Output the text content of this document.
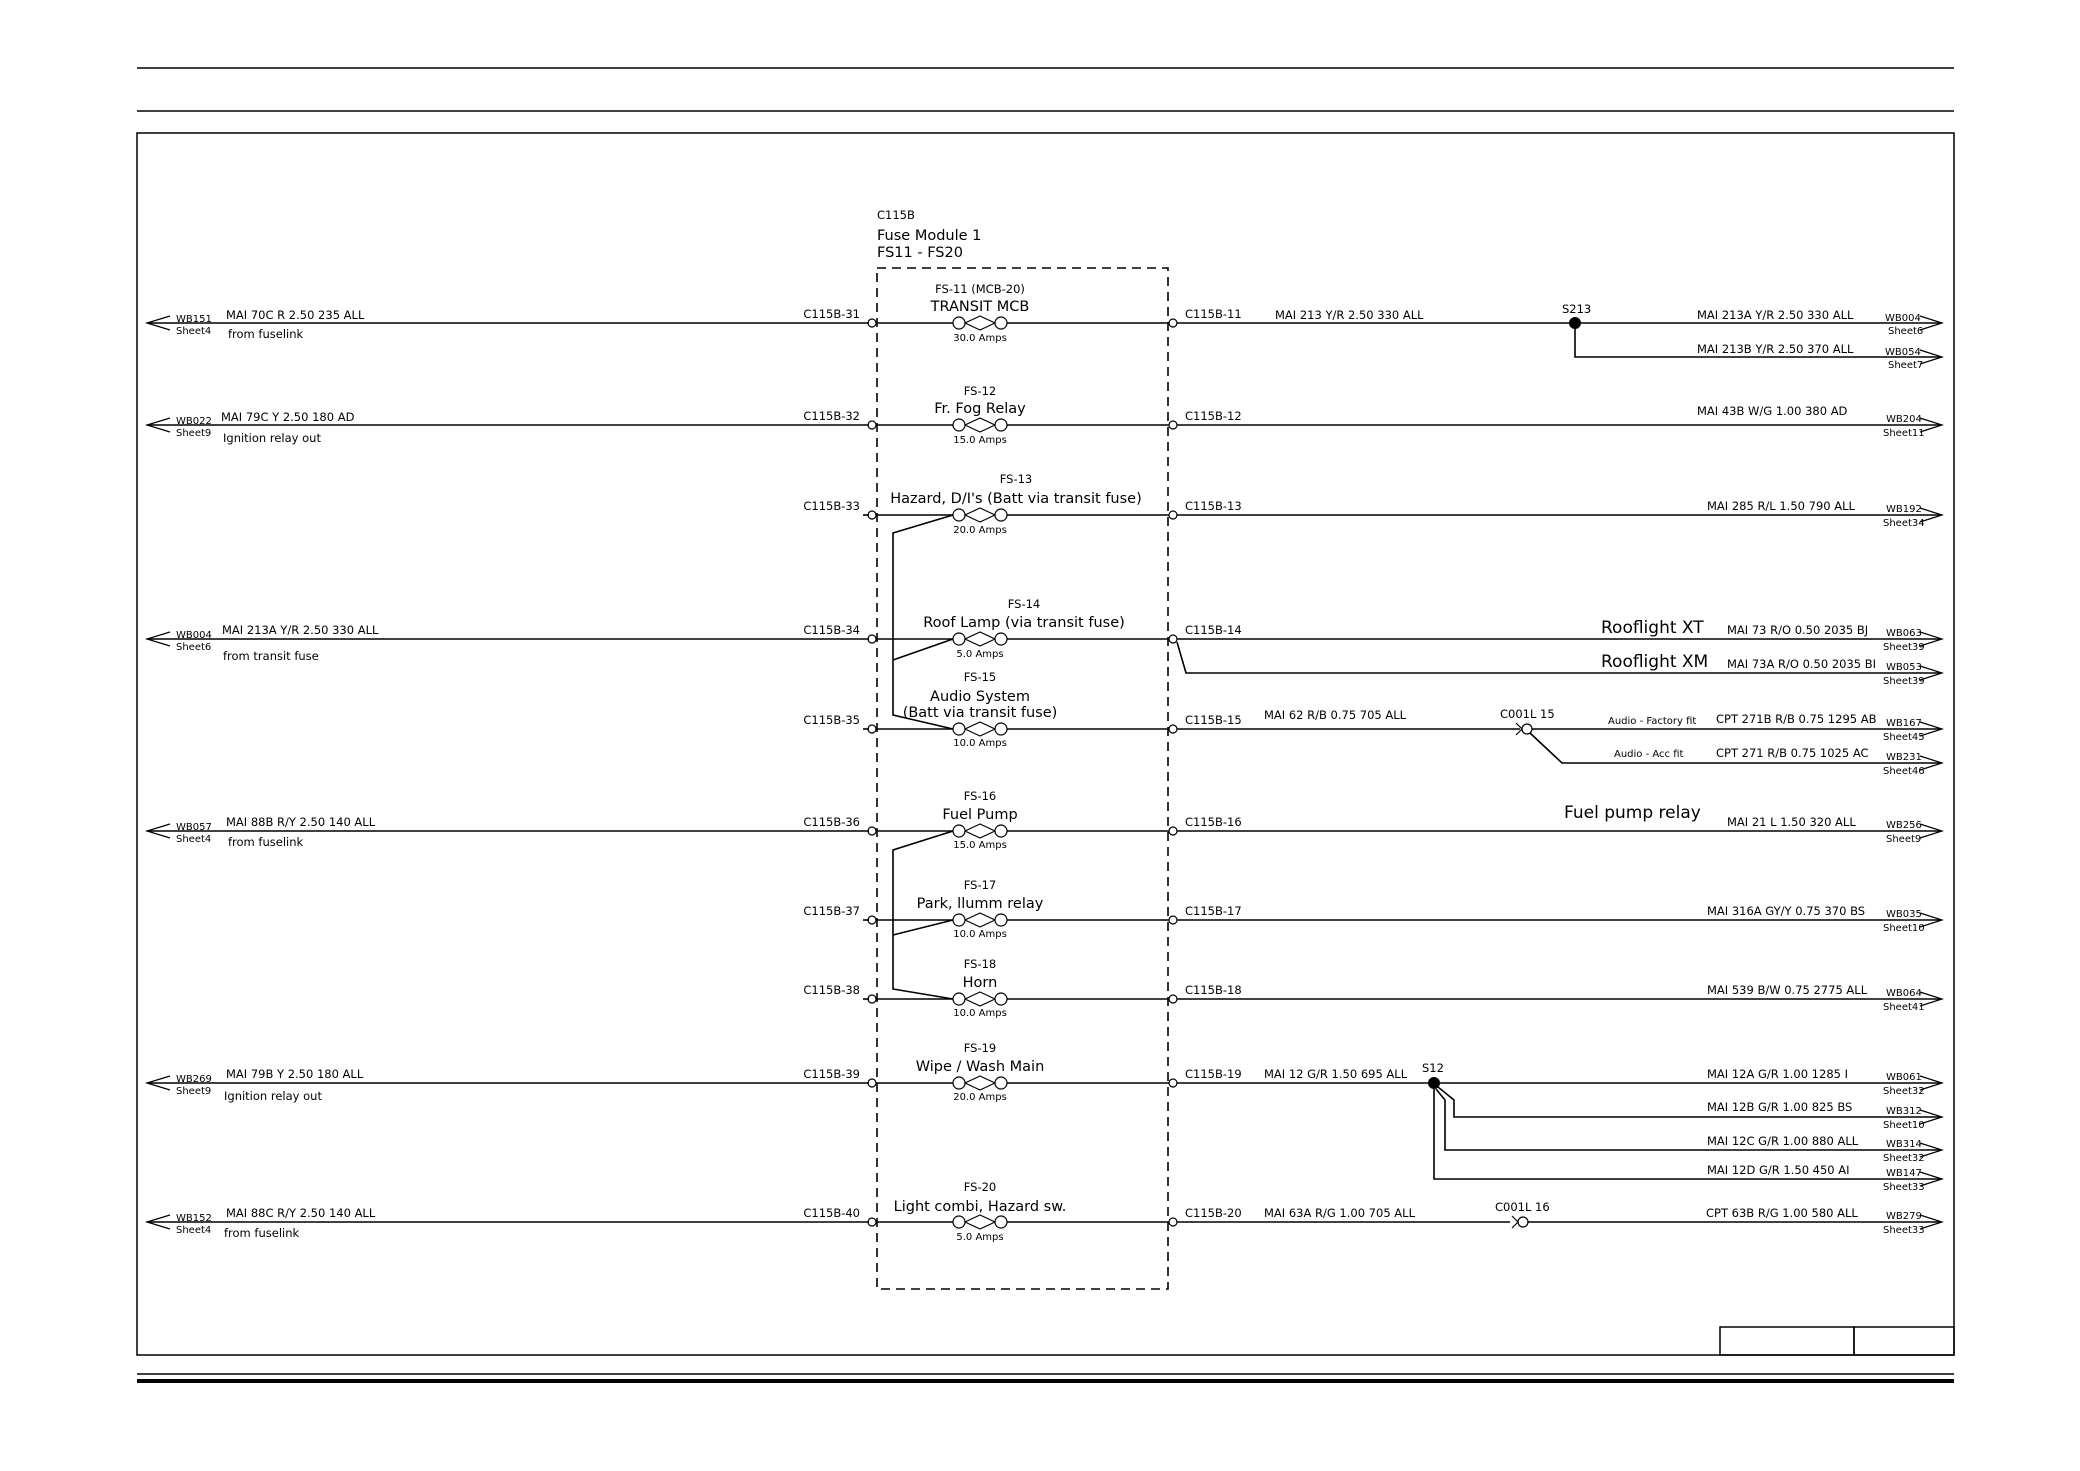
C115B
Fuse Module 1
FS11 - FS20
WB151
Sheet4
MAI 70C R 2.50 235 ALL
from fuselink
C115B-31
FS-11 (MCB-20)
TRANSIT MCB
30.0 Amps
C115B-11	MAI 213 Y/R 2.50 330 ALL	S213	MAI 213A Y/R 2.50 330 ALL	WB004
Sheet6
MAI 213B Y/R 2.50 370 ALL	WB054
Sheet7
WB022
Sheet9
MAI 79C Y 2.50 180 AD
Ignition relay out
C115B-32
FS-12
Fr. Fog Relay
15.0 Amps
C115B-12	MAI 43B W/G 1.00 380 AD
WB204
Sheet11
C115B-33
FS-13
Hazard, D/I's (Batt via transit fuse)
20.0 Amps
C115B-13	MAI 285 R/L 1.50 790 ALL	WB192
Sheet34
WB004
Sheet6
MAI 213A Y/R 2.50 330 ALL
from transit fuse
C115B-34
FS-14
Roof Lamp (via transit fuse)
5.0 Amps
C115B-14	Rooflight XT
Rooflight XM
MAI 73 R/O 0.50 2035 BJ WB063
Sheet39
MAI 73A R/O 0.50 2035 BI WB053
Sheet39
C115B-35
FS-15
Audio System
(Batt via transit fuse)
10.0 Amps
C115B-15 MAI 62 R/B 0.75 705 ALL	C001L 15
Audio - Factory fit
Audio - Acc fit
CPT 271B R/B 0.75 1295 AB WB167
Sheet45
CPT 271 R/B 0.75 1025 AC WB231
Sheet46
WB057
Sheet4
MAI 88B R/Y 2.50 140 ALL
from fuselink
C115B-36
FS-16
Fuel Pump
15.0 Amps
C115B-16	Fuel pump relay MAI 21 L 1.50 320 ALL	WB256
Sheet9
C115B-37
FS-17
Park, llumm relay
10.0 Amps
C115B-17	MAI 316A GY/Y 0.75 370 BS WB035
Sheet10
C115B-38
FS-18
Horn
10.0 Amps
C115B-18	MAI 539 B/W 0.75 2775 ALL WB064
Sheet41
WB269
Sheet9
MAI 79B Y 2.50 180 ALL
Ignition relay out
C115B-39
FS-19
Wipe / Wash Main
20.0 Amps
C115B-19 MAI 12 G/R 1.50 695 ALL S12	MAI 12A G/R 1.00 1285 I	WB061
Sheet32
MAI 12B G/R 1.00 825 BS	WB312
Sheet10
MAI 12C G/R 1.00 880 ALL	WB314
Sheet32
MAI 12D G/R 1.50 450 AI	WB147
Sheet33
WB152
Sheet4
MAI 88C R/Y 2.50 140 ALL
from fuselink
C115B-40
FS-20
Light combi, Hazard sw.
5.0 Amps
C115B-20 MAI 63A R/G 1.00 705 ALL	C001L 16	CPT 63B R/G 1.00 580 ALL	WB279
Sheet33
